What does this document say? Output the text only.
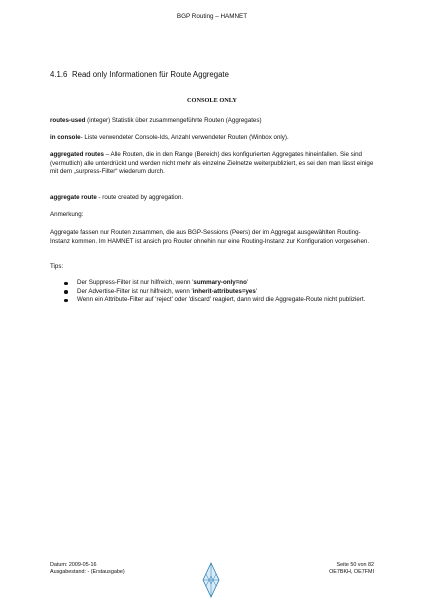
BGP Routing – HAMNET
4.1.6 Read only Informationen für Route Aggregate
CONSOLE ONLY

routes-used (integer) Statistik über zusammengeführte Routen (Aggregates)

in console- Liste verwendeter Console-Ids, Anzahl verwendeter Routen (Winbox only).

aggregated routes – Alle Routen, die in den Range (Bereich) des konfigurierten Aggregates hineinfallen. Sie sind (vermutlich) alle unterdrückt und werden nicht mehr als einzelne Zielnetze weiterpubliziert, es sei den man lässt einige mit dem „surpress-Filter“ wiederum durch.

aggregate route - route created by aggregation.

Anmerkung:
Aggregate fassen nur Routen zusammen, die aus BGP-Sessions (Peers) der im Aggregat ausgewählten Routing-Instanz kommen. Im HAMNET ist ansich pro Router ohnehin nur eine Routing-Instanz zur Konfiguration vorgesehen.
Tips:
Der Suppress-Filter ist nur hilfreich, wenn 'summary-only=no'
Der Advertise-Filter ist nur hilfreich, wenn 'inherit-attributes=yes'
Wenn ein Attribute-Filter auf 'reject' oder 'discard' reagiert, dann wird die Aggregate-Route nicht publiziert.
Datum: 2009-05-16
Ausgabestand: - (Erstausgabe)
Seite 50 von 82
OE7BKH, OE7FMI
